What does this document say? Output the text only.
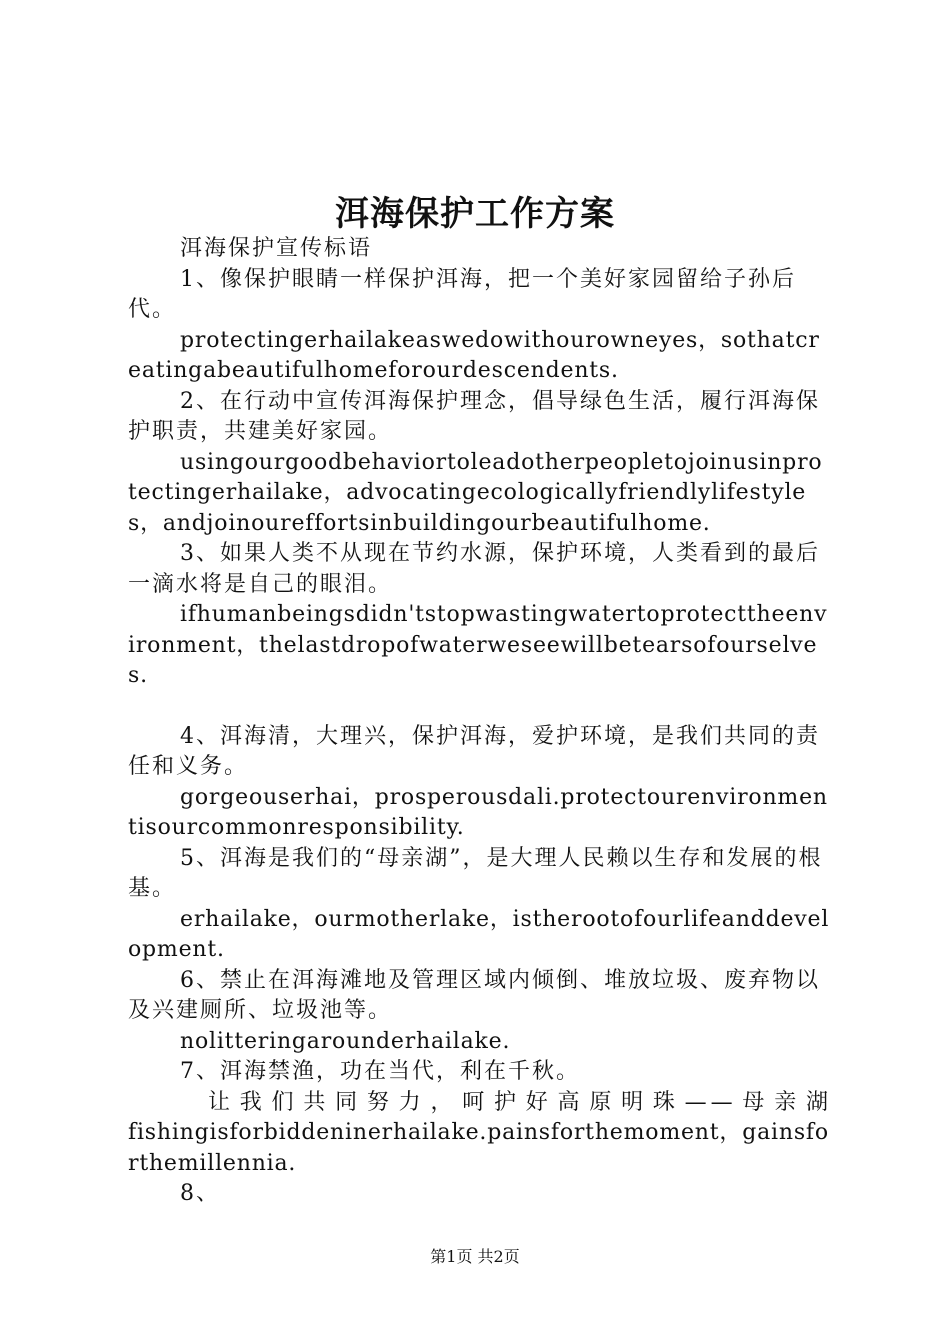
洱海保护工作方案

洱海保护宣传标语

1、像保护眼睛一样保护洱海，把一个美好家园留给子孙后代。

protectingerhailakeaswedowithourowneyes，sothatcreatingabeautifulhomeforourdescendents.

2、在行动中宣传洱海保护理念，倡导绿色生活，履行洱海保护职责，共建美好家园。

usingourgoodbehaviortoleadotherpeopletojoinusinprotectingerhailake，advocatingecologicallyfriendlylifestyles，andjoinoureffortsinbuildingourbeautifulhome.

3、如果人类不从现在节约水源，保护环境，人类看到的最后一滴水将是自己的眼泪。

ifhumanbeingsdidn'tstopwastingwatertoprotecttheenvironment，thelastdropofwaterweseewillbetearsofourselves.

4、洱海清，大理兴，保护洱海，爱护环境，是我们共同的责任和义务。

gorgeouserhai，prosperousdali.protectourenvironmentisourcommonresponsibility.

5、洱海是我们的“母亲湖”，是大理人民赖以生存和发展的根基。

erhailake，ourmotherlake，istherootofourlifeanddevelopment.

6、禁止在洱海滩地及管理区域内倾倒、堆放垃圾、废弃物以及兴建厕所、垃圾池等。

nolitteringarounderhailake.

7、洱海禁渔，功在当代，利在千秋。

让我们共同努力，呵护好高原明珠——母亲湖

fishingisforbiddeninerhailake.painsforthemoment，gainsforthemillennia.

8、

第1页 共2页
